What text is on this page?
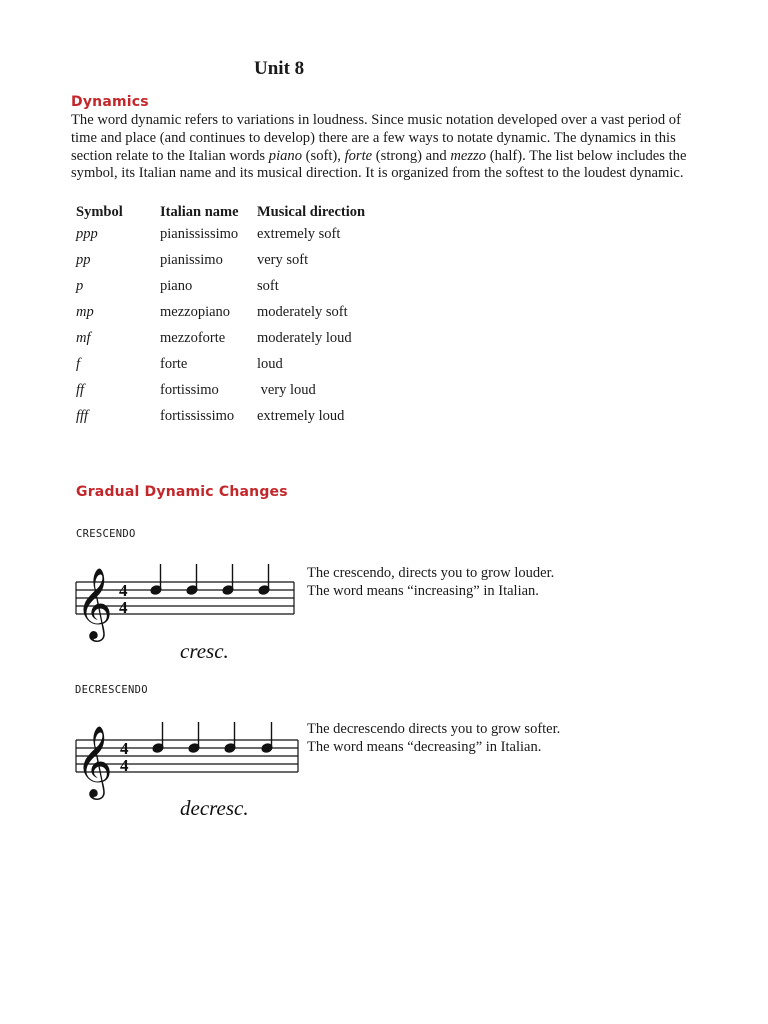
Unit 8
Dynamics

The word dynamic refers to variations in loudness. Since music notation developed over a vast period of time and place (and continues to develop) there are a few ways to notate dynamic. The dynamics in this section relate to the Italian words piano (soft), forte (strong) and mezzo (half). The list below includes the symbol, its Italian name and its musical direction. It is organized from the softest to the loudest dynamic.

Symbol	Italian name	Musical direction
ppp	pianississimo	extremely soft
pp	pianissimo	very soft
p	piano	soft
mp	mezzopiano	moderately soft
mf	mezzoforte	moderately loud
f	forte	loud
ff	fortissimo	very loud
fff	fortississimo	extremely loud
Gradual Dynamic Changes

CRESCENDO

𝄞 4
4
cresc.

The crescendo, directs you to grow louder.
The word means “increasing” in Italian.

DECRESCENDO

𝄞 4
4
decresc.

The decrescendo directs you to grow softer.
The word means “decreasing” in Italian.
